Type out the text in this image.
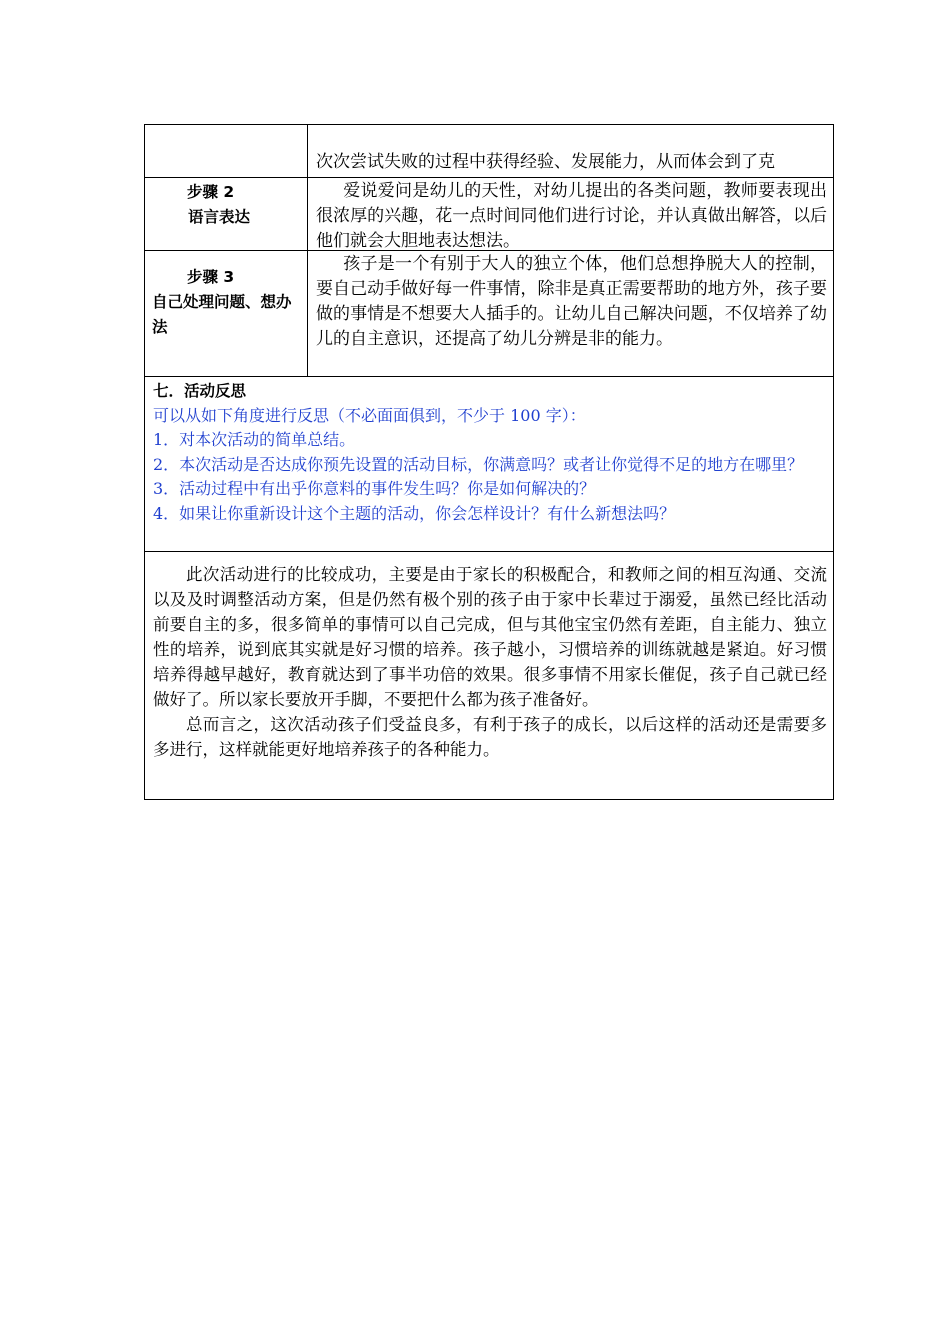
次次尝试失败的过程中获得经验、发展能力，从而体会到了克
步骤 2
语言表达
爱说爱问是幼儿的天性，对幼儿提出的各类问题，教师要表现出很浓厚的兴趣，花一点时间同他们进行讨论，并认真做出解答，以后他们就会大胆地表达想法。
步骤 3
自己处理问题、想办法
孩子是一个有别于大人的独立个体，他们总想挣脱大人的控制，要自己动手做好每一件事情，除非是真正需要帮助的地方外，孩子要做的事情是不想要大人插手的。让幼儿自己解决问题，不仅培养了幼儿的自主意识，还提高了幼儿分辨是非的能力。
七．活动反思
可以从如下角度进行反思（不必面面俱到，不少于 100 字）：
1．对本次活动的简单总结。
2．本次活动是否达成你预先设置的活动目标，你满意吗？或者让你觉得不足的地方在哪里？
3．活动过程中有出乎你意料的事件发生吗？你是如何解决的？
4．如果让你重新设计这个主题的活动，你会怎样设计？有什么新想法吗？
此次活动进行的比较成功，主要是由于家长的积极配合，和教师之间的相互沟通、交流以及及时调整活动方案，但是仍然有极个别的孩子由于家中长辈过于溺爱，虽然已经比活动前要自主的多，很多简单的事情可以自己完成，但与其他宝宝仍然有差距，自主能力、独立性的培养，说到底其实就是好习惯的培养。孩子越小，习惯培养的训练就越是紧迫。好习惯培养得越早越好，教育就达到了事半功倍的效果。很多事情不用家长催促，孩子自己就已经做好了。所以家长要放开手脚，不要把什么都为孩子准备好。
总而言之，这次活动孩子们受益良多，有利于孩子的成长，以后这样的活动还是需要多多进行，这样就能更好地培养孩子的各种能力。
